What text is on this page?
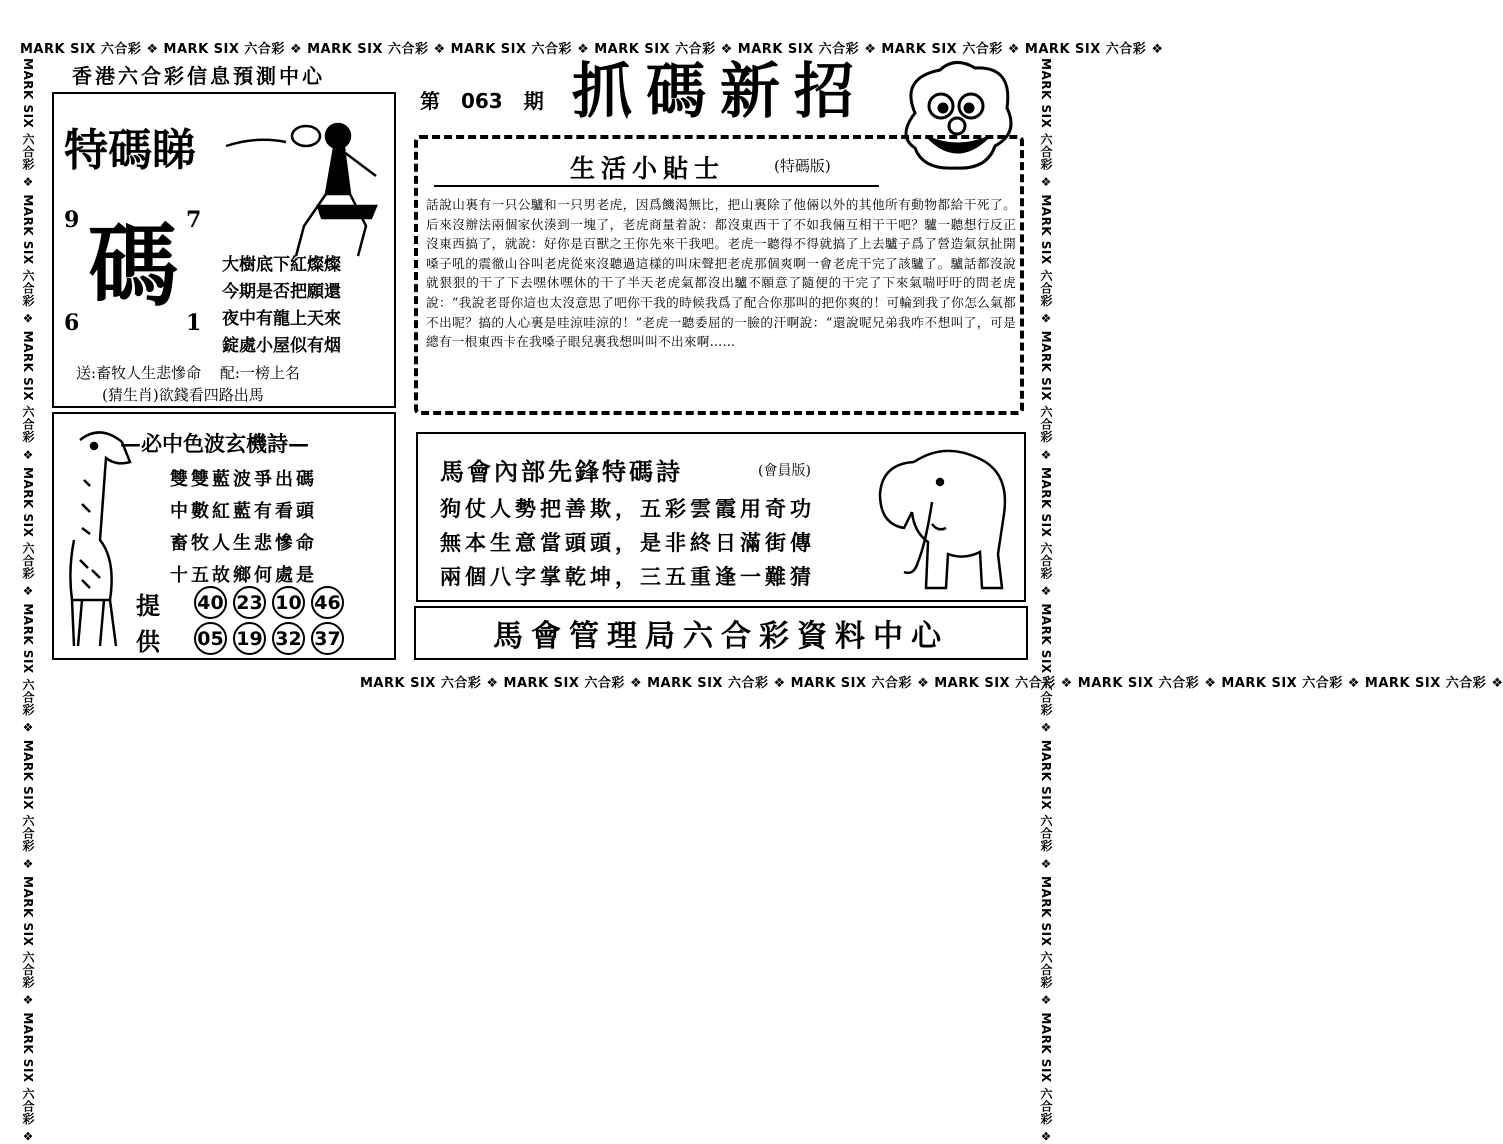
MARK SIX 六合彩 ❖ MARK SIX 六合彩 ❖ MARK SIX 六合彩 ❖ MARK SIX 六合彩 ❖ MARK SIX 六合彩 ❖ MARK SIX 六合彩 ❖ MARK SIX 六合彩 ❖ MARK SIX 六合彩 ❖
MARK SIX 六合彩 ❖ MARK SIX 六合彩 ❖ MARK SIX 六合彩 ❖ MARK SIX 六合彩 ❖ MARK SIX 六合彩 ❖ MARK SIX 六合彩 ❖ MARK SIX 六合彩 ❖ MARK SIX 六合彩 ❖
MARK SIX 六合彩 ❖ MARK SIX 六合彩 ❖ MARK SIX 六合彩 ❖ MARK SIX 六合彩 ❖ MARK SIX 六合彩 ❖ MARK SIX 六合彩 ❖ MARK SIX 六合彩 ❖ MARK SIX 六合彩 ❖	MARK SIX 六合彩 ❖ MARK SIX 六合彩 ❖ MARK SIX 六合彩 ❖ MARK SIX 六合彩 ❖ MARK SIX 六合彩 ❖ MARK SIX 六合彩 ❖ MARK SIX 六合彩 ❖ MARK SIX 六合彩 ❖
香港六合彩信息預測中心
第 063 期 抓碼新招
特碼睇
9	7
6	1
碼	大樹底下紅燦燦
今期是否把願還
夜中有龍上天來
錠處小屋似有烟
送:畜牧人生悲慘命 配:一榜上名
(猜生肖)欲錢看四路出馬
生活小貼士	(特碼版)
話說山裏有一只公驢和一只男老虎，因爲饑渴無比，把山裏除了他倆以外的其他所有動物都給干死了。后來沒辦法兩個家伙湊到一塊了，老虎商量着說：都沒東西干了不如我倆互相干干吧？驢一聽想行反正沒東西搞了，就說：好你是百獸之王你先來干我吧。老虎一聽得不得就搞了上去驢子爲了營造氣氛扯開嗓子吼的震徹山谷叫老虎從來沒聽過這樣的叫床聲把老虎那個爽啊一會老虎干完了該驢了。驢話都沒說就狠狠的干了下去嘿休嘿休的干了半天老虎氣都沒出驢不願意了隨便的干完了下來氣喘吁吁的問老虎說：“我說老哥你這也太沒意思了吧你干我的時候我爲了配合你那叫的把你爽的！可輪到我了你怎么氣都不出呢？搞的人心裏是哇涼哇涼的！”老虎一聽委屈的一臉的汗啊說：“還說呢兄弟我咋不想叫了，可是總有一根東西卡在我嗓子眼兒裏我想叫叫不出來啊……
—必中色波玄機詩—
雙雙藍波爭出碼
中數紅藍有看頭
畜牧人生悲慘命
十五故鄉何處是
提
供
40 23 10 46
05 19 32 37
馬會內部先鋒特碼詩	(會員版)
狗仗人勢把善欺，五彩雲霞用奇功
無本生意當頭頭，是非終日滿街傳
兩個八字掌乾坤，三五重逢一難猜
馬會管理局六合彩資料中心
